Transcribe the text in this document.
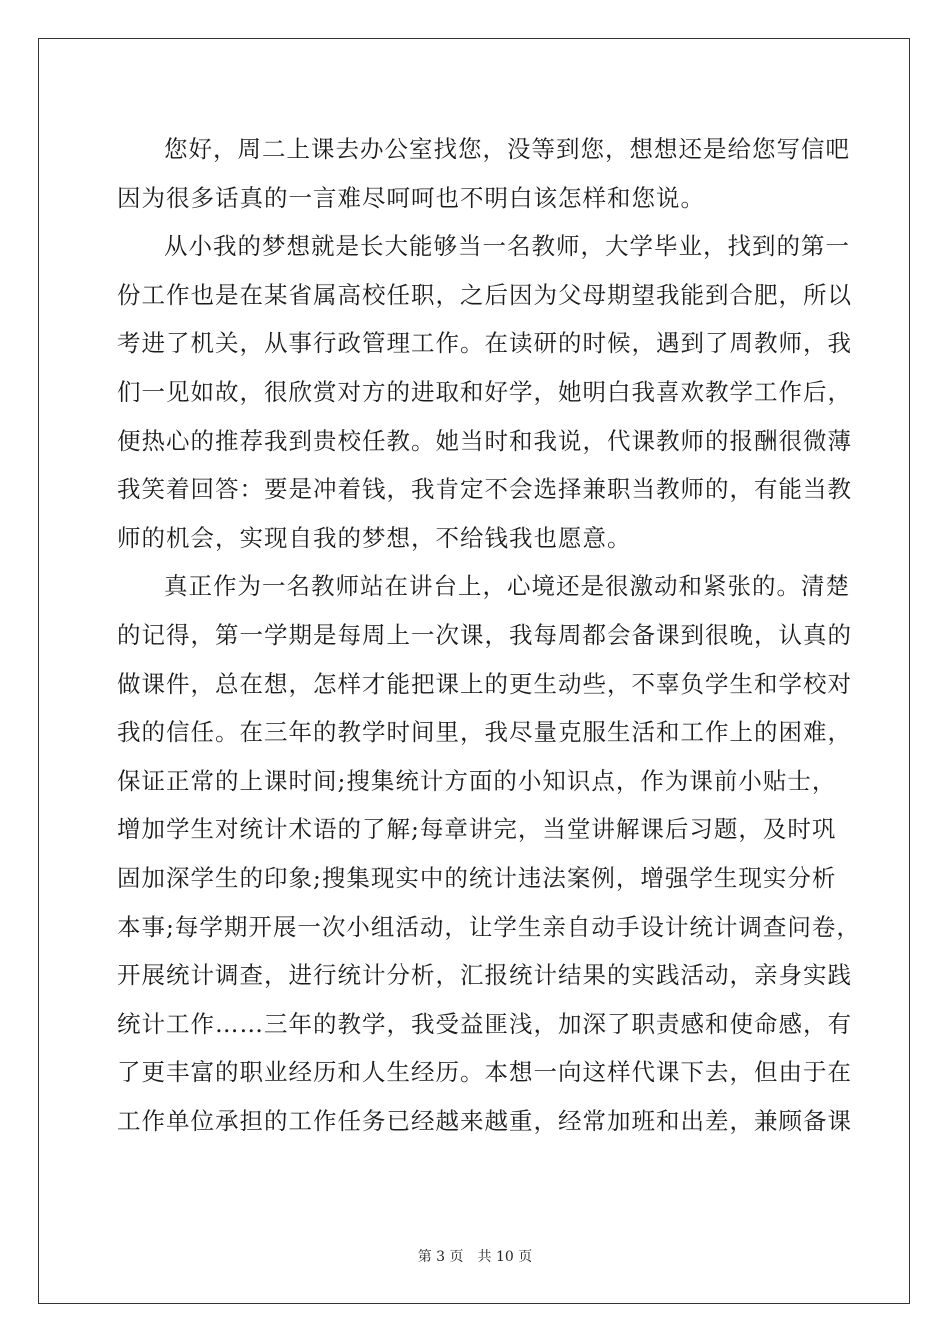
您好，周二上课去办公室找您，没等到您，想想还是给您写信吧
因为很多话真的一言难尽呵呵也不明白该怎样和您说。
从小我的梦想就是长大能够当一名教师，大学毕业，找到的第一
份工作也是在某省属高校任职，之后因为父母期望我能到合肥，所以
考进了机关，从事行政管理工作。在读研的时候，遇到了周教师，我
们一见如故，很欣赏对方的进取和好学，她明白我喜欢教学工作后，
便热心的推荐我到贵校任教。她当时和我说，代课教师的报酬很微薄
我笑着回答：要是冲着钱，我肯定不会选择兼职当教师的，有能当教
师的机会，实现自我的梦想，不给钱我也愿意。
真正作为一名教师站在讲台上，心境还是很激动和紧张的。清楚
的记得，第一学期是每周上一次课，我每周都会备课到很晚，认真的
做课件，总在想，怎样才能把课上的更生动些，不辜负学生和学校对
我的信任。在三年的教学时间里，我尽量克服生活和工作上的困难，
保证正常的上课时间;搜集统计方面的小知识点，作为课前小贴士，
增加学生对统计术语的了解;每章讲完，当堂讲解课后习题，及时巩
固加深学生的印象;搜集现实中的统计违法案例，增强学生现实分析
本事;每学期开展一次小组活动，让学生亲自动手设计统计调查问卷，
开展统计调查，进行统计分析，汇报统计结果的实践活动，亲身实践
统计工作……三年的教学，我受益匪浅，加深了职责感和使命感，有
了更丰富的职业经历和人生经历。本想一向这样代课下去，但由于在
工作单位承担的工作任务已经越来越重，经常加班和出差，兼顾备课
第 3 页　共 10 页
